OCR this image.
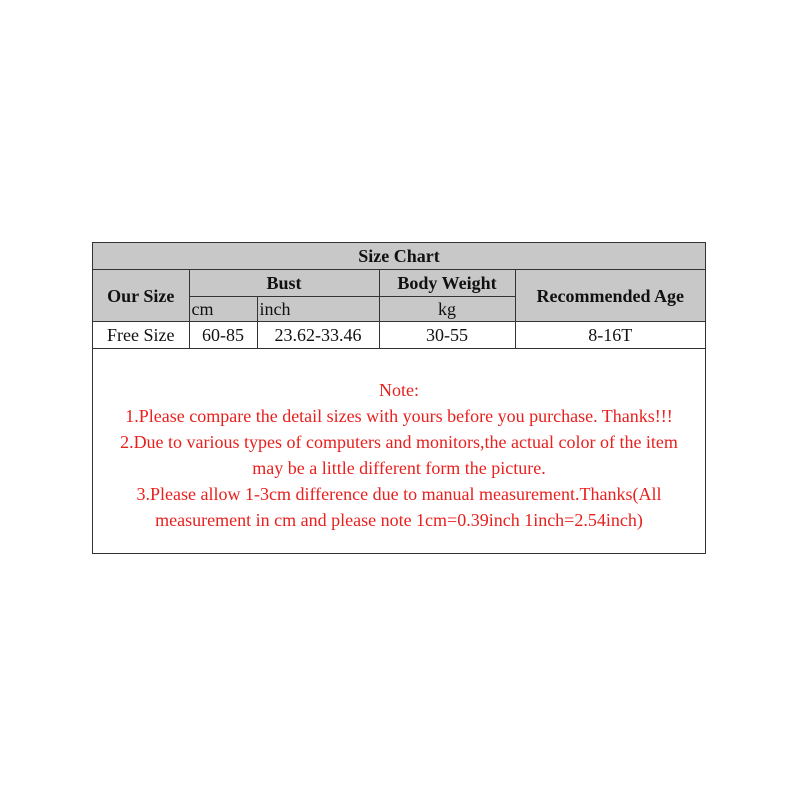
Size Chart				
Our Size	Bust		Body Weight	Recommended Age
	cm	inch	kg	
Free Size	60-85	23.62-33.46	30-55	8-16T
Note:
1.Please compare the detail sizes with yours before you purchase. Thanks!!!
2.Due to various types of computers and monitors,the actual color of the item
may be a little different form the picture.
3.Please allow 1-3cm difference due to manual measurement.Thanks(All
measurement in cm and please note 1cm=0.39inch 1inch=2.54inch)
